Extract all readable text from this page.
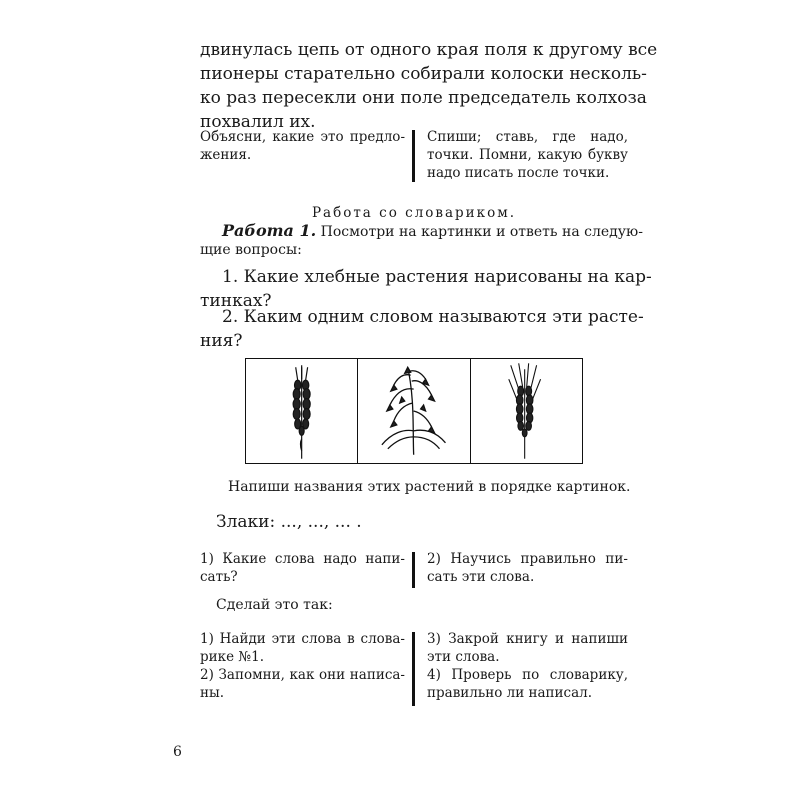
двинулась цепь от одного края поля к другому все
пионеры старательно собирали колоски несколь-
ко раз пересекли они поле председатель колхоза
похвалил их.
Объясни, какие это предло-
жения.
Спиши; ставь, где надо,
точки. Помни, какую букву
надо писать после точки.
Работа со словариком.
Работа 1. Посмотри на картинки и ответь на следую-
щие вопросы:
1. Какие хлебные растения нарисованы на кар-
тинках?
2. Каким одним словом называются эти расте-
ния?
Напиши названия этих растений в порядке картинок.
Злаки: ..., ..., ... .
1) Какие слова надо напи-
сать?
2) Научись правильно пи-
сать эти слова.
Сделай это так:
1) Найди эти слова в слова-
рике №1.
2) Запомни, как они написа-
ны.
3) Закрой книгу и напиши
эти слова.
4) Проверь по словарику,
правильно ли написал.
6
